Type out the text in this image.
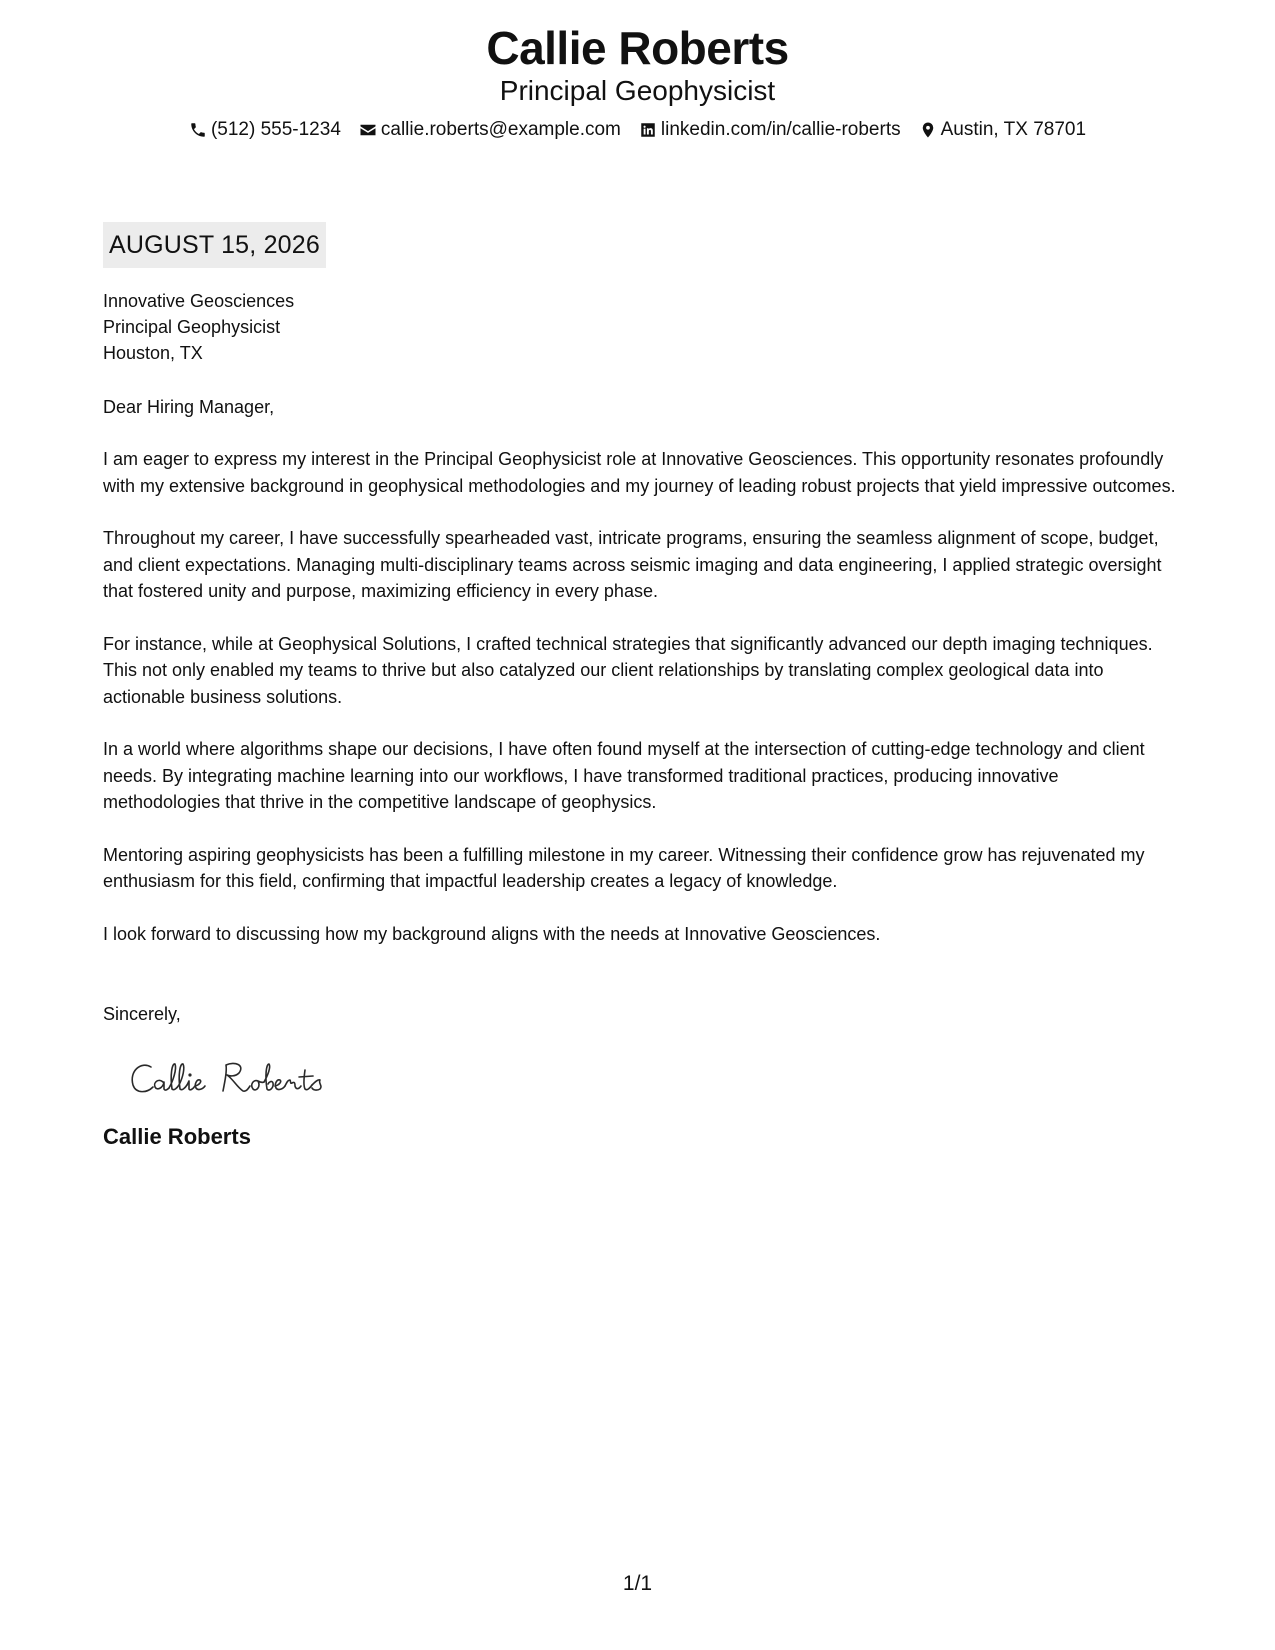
Callie Roberts
Principal Geophysicist
(512) 555-1234 callie.roberts@example.com linkedin.com/in/callie-roberts Austin, TX 78701
AUGUST 15, 2026
Innovative Geosciences
Principal Geophysicist
Houston, TX
Dear Hiring Manager,
I am eager to express my interest in the Principal Geophysicist role at Innovative Geosciences. This opportunity resonates profoundly with my extensive background in geophysical methodologies and my journey of leading robust projects that yield impressive outcomes.
Throughout my career, I have successfully spearheaded vast, intricate programs, ensuring the seamless alignment of scope, budget, and client expectations. Managing multi-disciplinary teams across seismic imaging and data engineering, I applied strategic oversight that fostered unity and purpose, maximizing efficiency in every phase.
For instance, while at Geophysical Solutions, I crafted technical strategies that significantly advanced our depth imaging techniques. This not only enabled my teams to thrive but also catalyzed our client relationships by translating complex geological data into actionable business solutions.
In a world where algorithms shape our decisions, I have often found myself at the intersection of cutting-edge technology and client needs. By integrating machine learning into our workflows, I have transformed traditional practices, producing innovative methodologies that thrive in the competitive landscape of geophysics.
Mentoring aspiring geophysicists has been a fulfilling milestone in my career. Witnessing their confidence grow has rejuvenated my enthusiasm for this field, confirming that impactful leadership creates a legacy of knowledge.
I look forward to discussing how my background aligns with the needs at Innovative Geosciences.
Sincerely,
Callie Roberts
1/1
